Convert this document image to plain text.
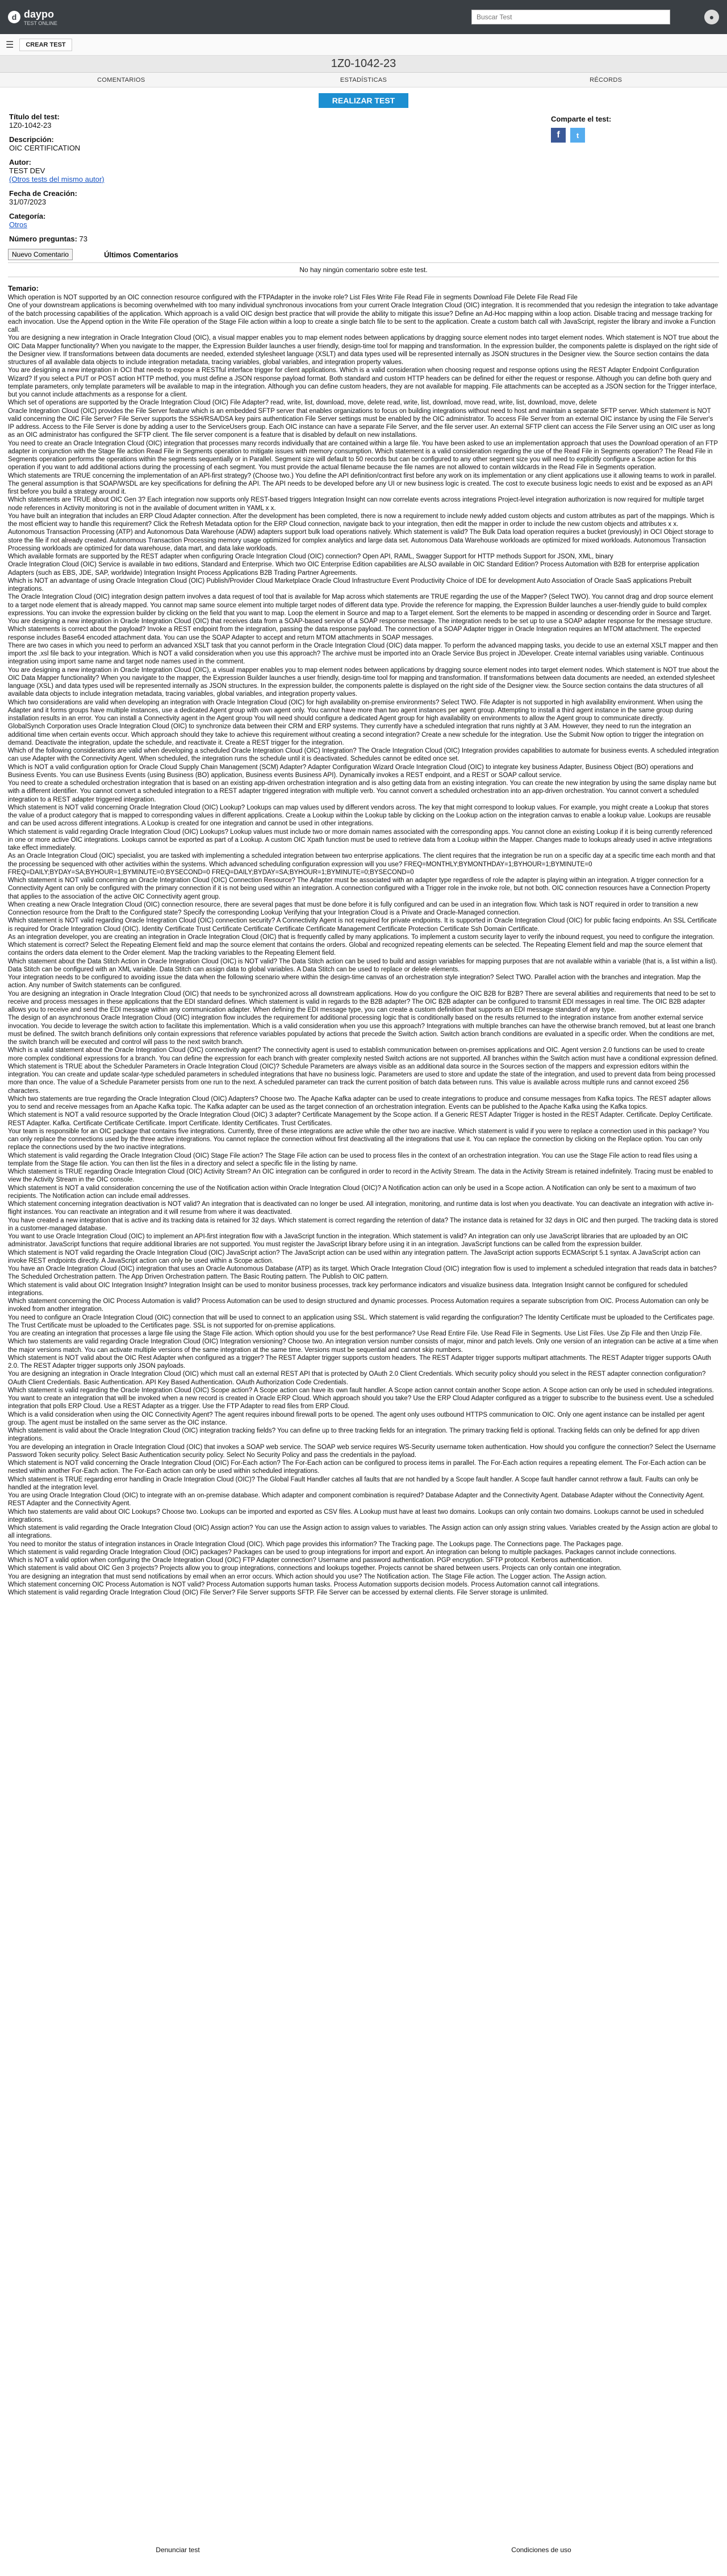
d daypo
TEST ONLINE
Buscar Test
●
☰	CREAR TEST
1Z0-1042-23
COMENTARIOS	ESTADÍSTICAS	RÉCORDS
REALIZAR TEST
Título del test:
1Z0-1042-23
Descripción:
OIC CERTIFICATION
Autor:
TEST DEV
(Otros tests del mismo autor)
Fecha de Creación:
31/07/2023
Categoría:
Otros
Número preguntas: 73
Comparte el test:
f	t
Nuevo Comentario	Últimos Comentarios
No hay ningún comentario sobre este test.
Temario:

Which operation is NOT supported by an OIC connection resource configured with the FTPAdapter in the invoke role? List Files Write File Read File in segments Download File Delete File Read File

One of your downstream applications is becoming overwhelmed with too many individual synchronous invocations from your current Oracle Integration Cloud (OIC) integration. It is recommended that you redesign the integration to take advantage of the batch processing capabilities of the application. Which approach is a valid OIC design best practice that will provide the ability to mitigate this issue? Define an Ad-Hoc mapping within a loop action. Disable tracing and message tracking for each invocation. Use the Append option in the Write File operation of the Stage File action within a loop to create a single batch file to be sent to the application. Create a custom batch call with JavaScript, register the library and invoke a Function call.

You are designing a new integration in Oracle Integration Cloud (OIC), a visual mapper enables you to map element nodes between applications by dragging source element nodes into target element nodes. Which statement is NOT true about the OIC Data Mapper functionality? When you navigate to the mapper, the Expression Builder launches a user friendly, design-time tool for mapping and transformation. In the expression builder, the components palette is displayed on the right side of the Designer view. If transformations between data documents are needed, extended stylesheet language (XSLT) and data types used will be represented internally as JSON structures in the Designer view. the Source section contains the data structures of all available data objects to include integration metadata, tracing variables, global variables, and integration property values.

You are designing a new integration in OCI that needs to expose a RESTful interface trigger for client applications. Which is a valid consideration when choosing request and response options using the REST Adapter Endpoint Configuration Wizard? If you select a PUT or POST action HTTP method, you must define a JSON response payload format. Both standard and custom HTTP headers can be defined for either the request or response. Although you can define both query and template parameters, only template parameters will be available to map in the integration. Although you can define custom headers, they are not available for mapping. File attachments can be accepted as a JSON section for the Trigger interface, but you cannot include attachments as a response for a client.

Which set of operations are supported by the Oracle Integration Cloud (OIC) File Adapter? read, write, list, download, move, delete read, write, list, download, move read, write, list, download, move, delete

Oracle Integration Cloud (OIC) provides the File Server feature which is an embedded SFTP server that enables organizations to focus on building integrations without need to host and maintain a separate SFTP server. Which statement is NOT valid concerning the OIC File Server? File Server supports the SSH/RSA/DSA key pairs authentication File Server settings must be enabled by the OIC administrator. To access File Server from an external OIC instance by using the File Server's IP address. Access to the File Server is done by adding a user to the ServiceUsers group. Each OIC instance can have a separate File Server, and the file server user. An external SFTP client can access the File Server using an OIC user as long as an OIC administrator has configured the SFTP client. The file server component is a feature that is disabled by default on new installations.

You need to create an Oracle Integration Cloud (OIC) integration that processes many records individually that are contained within a large file. You have been asked to use an implementation approach that uses the Download operation of an FTP adapter in conjunction with the Stage file action Read File in Segments operation to mitigate issues with memory consumption. Which statement is a valid consideration regarding the use of the Read File in Segments operation? The Read File in Segments operation performs the operations within the segments sequentially or in Parallel. Segment size will default to 50 records but can be configured to any other segment size you will need to explicitly configure a Scope action for this operation if you want to add additional actions during the processing of each segment. You must provide the actual filename because the file names are not allowed to contain wildcards in the Read File in Segments operation.

Which statements are TRUE concerning the implementation of an API-first strategy? (Choose two.) You define the API definition/contract first before any work on its implementation or any client applications use it allowing teams to work in parallel. The general assumption is that SOAP/WSDL are key specifications for defining the API. The API needs to be developed before any UI or new business logic is created. The cost to execute business logic needs to exist and be exposed as an API first before you build a strategy around it.

Which statements are TRUE about OIC Gen 3? Each integration now supports only REST-based triggers Integration Insight can now correlate events across integrations Project-level integration authorization is now required for multiple target node references in Activity monitoring is not in the available of document written in YAML x x.

You have built an integration that includes an ERP Cloud Adapter connection. After the development has been completed, there is now a requirement to include newly added custom objects and custom attributes as part of the mappings. Which is the most efficient way to handle this requirement? Click the Refresh Metadata option for the ERP Cloud connection, navigate back to your integration, then edit the mapper in order to include the new custom objects and attributes x x.

Autonomous Transaction Processing (ATP) and Autonomous Data Warehouse (ADW) adapters support bulk load operations natively. Which statement is valid? The Bulk Data load operation requires a bucket (previously) in OCI Object storage to store the file if not already created. Autonomous Transaction Processing memory usage optimized for complex analytics and large data set. Autonomous Data Warehouse workloads are optimized for mixed workloads. Autonomous Transaction Processing workloads are optimized for data warehouse, data mart, and data lake workloads.

Which available formats are supported by the REST adapter when configuring Oracle Integration Cloud (OIC) connection? Open API, RAML, Swagger Support for HTTP methods Support for JSON, XML, binary

Oracle Integration Cloud (OIC) Service is available in two editions, Standard and Enterprise. Which two OIC Enterprise Edition capabilities are ALSO available in OIC Standard Edition? Process Automation with B2B for enterprise application Adapters (such as EBS, JDE, SAP, worldwide) Integration Insight Process Applications B2B Trading Partner Agreements.

Which is NOT an advantage of using Oracle Integration Cloud (OIC) Publish/Provider Cloud Marketplace Oracle Cloud Infrastructure Event Productivity Choice of IDE for development Auto Association of Oracle SaaS applications Prebuilt integrations.

The Oracle Integration Cloud (OIC) integration design pattern involves a data request of tool that is available for Map across which statements are TRUE regarding the use of the Mapper? (Select TWO). You cannot drag and drop source element to a target node element that is already mapped. You cannot map same source element into multiple target nodes of different data type. Provide the reference for mapping, the Expression Builder launches a user-friendly guide to build complex expressions. You can invoke the expression builder by clicking on the field that you want to map. Loop the element in Source and map to a Target element. Sort the elements to be mapped in ascending or descending order in Source and Target.

You are designing a new integration in Oracle Integration Cloud (OIC) that receives data from a SOAP-based service of a SOAP response message. The integration needs to be set up to use a SOAP adapter response for the message structure. Which statements is correct about the payload? Invoke a REST endpoint from the integration, passing the data response payload. The connection of a SOAP Adapter trigger in Oracle Integration requires an MTOM attachment. The expected response includes Base64 encoded attachment data. You can use the SOAP Adapter to accept and return MTOM attachments in SOAP messages.

There are two cases in which you need to perform an advanced XSLT task that you cannot perform in the Oracle Integration Cloud (OIC) data mapper. To perform the advanced mapping tasks, you decide to use an external XSLT mapper and then import the .xsl file back to your integration. Which is NOT a valid consideration when you use this approach? The archive must be imported into an Oracle Service Bus project in JDeveloper. Create internal variables using variable. Continuous integration using import same name and target node names used in the comment.

You are designing a new integration in Oracle Integration Cloud (OIC), a visual mapper enables you to map element nodes between applications by dragging source element nodes into target element nodes. Which statement is NOT true about the OIC Data Mapper functionality? When you navigate to the mapper, the Expression Builder launches a user friendly, design-time tool for mapping and transformation. If transformations between data documents are needed, an extended stylesheet language (XSL) and data types used will be represented internally as JSON structures. In the expression builder, the components palette is displayed on the right side of the Designer view. the Source section contains the data structures of all available data objects to include integration metadata, tracing variables, global variables, and integration property values.

Which two considerations are valid when developing an integration with Oracle Integration Cloud (OIC) for high availability on-premise environments? Select TWO. File Adapter is not supported in high availability environment. When using the Adapter and it forms groups have multiple instances, use a dedicated Agent group with own agent only. You cannot have more than two agent instances per agent group. Attempting to install a third agent instance in the same group during installation results in an error. You can install a Connectivity agent in the Agent group You will need should configure a dedicated Agent group for high availability on environments to allow the Agent group to communicate directly.

GlobalSynch Corporation uses Oracle Integration Cloud (OIC) to synchronize data between their CRM and ERP systems. They currently have a scheduled integration that runs nightly at 3 AM. However, they need to run the integration an additional time when certain events occur. Which approach should they take to achieve this requirement without creating a second integration? Create a new schedule for the integration. Use the Submit Now option to trigger the integration on demand. Deactivate the integration, update the schedule, and reactivate it. Create a REST trigger for the integration.

Which of the following considerations are valid when developing a scheduled Oracle Integration Cloud (OIC) Integration? The Oracle Integration Cloud (OIC) Integration provides capabilities to automate for business events. A scheduled integration can use Adapter with the Connectivity Agent. When scheduled, the integration runs the schedule until it is deactivated. Schedules cannot be edited once set.

Which is NOT a valid configuration option for Oracle Cloud Supply Chain Management (SCM) Adapter? Adapter Configuration Wizard Oracle Integration Cloud (OIC) to integrate key business Adapter, Business Object (BO) operations and Business Events. You can use Business Events (using Business (BO) application, Business events Business API). Dynamically invokes a REST endpoint, and a REST or SOAP callout service.

You need to create a scheduled orchestration integration that is based on an existing app-driven orchestration integration and is also getting data from an existing integration. You can create the new integration by using the same display name but with a different identifier. You cannot convert a scheduled integration to a REST adapter triggered integration with multiple verb. You cannot convert a scheduled orchestration into an app-driven orchestration. You cannot convert a scheduled integration to a REST adapter triggered integration.

Which statement is NOT valid concerning Oracle Integration Cloud (OIC) Lookup? Lookups can map values used by different vendors across. The key that might correspond to lookup values. For example, you might create a Lookup that stores the value of a product category that is mapped to corresponding values in different applications. Create a Lookup within the Lookup table by clicking on the Lookup action on the integration canvas to enable a lookup value. Lookups are reusable and can be used across different integrations. A Lookup is created for one integration and cannot be used in other integrations.

Which statement is valid regarding Oracle Integration Cloud (OIC) Lookups? Lookup values must include two or more domain names associated with the corresponding apps. You cannot clone an existing Lookup if it is being currently referenced in one or more active OIC integrations. Lookups cannot be exported as part of a Lookup. A custom OIC Xpath function must be used to retrieve data from a Lookup within the Mapper. Changes made to lookups already used in active integrations take effect immediately.

As an Oracle Integration Cloud (OIC) specialist, you are tasked with implementing a scheduled integration between two enterprise applications. The client requires that the integration be run on a specific day at a specific time each month and that the processing be sequenced with other activities within the systems. Which advanced scheduling configuration expression will you use? FREQ=MONTHLY;BYMONTHDAY=1;BYHOUR=1;BYMINUTE=0 FREQ=DAILY;BYDAY=SA;BYHOUR=1;BYMINUTE=0;BYSECOND=0 FREQ=DAILY;BYDAY=SA;BYHOUR=1;BYMINUTE=0;BYSECOND=0

Which statement is NOT valid concerning an Oracle Integration Cloud (OIC) Connection Resource? The Adapter must be associated with an adapter type regardless of role the adapter is playing within an integration. A trigger connection for a Connectivity Agent can only be configured with the primary connection if it is not being used within an integration. A connection configured with a Trigger role in the invoke role, but not both. OIC connection resources have a Connection Property that applies to the association of the active OIC Connectivity agent group.

When creating a new Oracle Integration Cloud (OIC) connection resource, there are several pages that must be done before it is fully configured and can be used in an integration flow. Which task is NOT required in order to transition a new Connection resource from the Draft to the Configured state? Specify the corresponding Lookup Verifying that your Integration Cloud is a Private and Oracle-Managed connection.

Which statement is NOT valid regarding Oracle Integration Cloud (OIC) connection security? A Connectivity Agent is not required for private endpoints. It is supported in Oracle Integration Cloud (OIC) for public facing endpoints. An SSL Certificate is required for Oracle Integration Cloud (OIC). Identity Certificate Trust Certificate Certificate Certificate Certificate Management Certificate Protection Certificate Ssh Domain Certificate.

As an integration developer, you are creating an integration in Oracle Integration Cloud (OIC) that is frequently called by many applications. To implement a custom security layer to verify the inbound request, you need to configure the integration. Which statement is correct? Select the Repeating Element field and map the source element that contains the orders. Global and recognized repeating elements can be selected. The Repeating Element field and map the source element that contains the orders data element to the Order element. Map the tracking variables to the Repeating Element field.

Which statement about the Data Stitch Action in Oracle Integration Cloud (OIC) is NOT valid? The Data Stitch action can be used to build and assign variables for mapping purposes that are not available within a variable (that is, a list within a list). Data Stitch can be configured with an XML variable. Data Stitch can assign data to global variables. A Data Stitch can be used to replace or delete elements.

Your integration needs to be configured to avoiding issue the data when the following scenario where within the design-time canvas of an orchestration style integration? Select TWO. Parallel action with the branches and integration. Map the action. Any number of Switch statements can be configured.

You are designing an integration in Oracle Integration Cloud (OIC) that needs to be synchronized across all downstream applications. How do you configure the OIC B2B for B2B? There are several abilities and requirements that need to be set to receive and process messages in these applications that the EDI standard defines. Which statement is valid in regards to the B2B adapter? The OIC B2B adapter can be configured to transmit EDI messages in real time. The OIC B2B adapter allows you to receive and send the EDI message within any communication adapter. When defining the EDI message type, you can create a custom definition that supports an EDI message standard of any type.

The design of an asynchronous Oracle Integration Cloud (OIC) integration flow includes the requirement for additional processing logic that is conditionally based on the results returned to the integration instance from another external service invocation. You decide to leverage the switch action to facilitate this implementation. Which is a valid consideration when you use this approach? Integrations with multiple branches can have the otherwise branch removed, but at least one branch must be defined. The switch branch definitions only contain expressions that reference variables populated by actions that precede the Switch action. Switch action branch conditions are evaluated in a specific order. When the conditions are met, the switch branch will be executed and control will pass to the next switch branch.

Which is a valid statement about the Oracle Integration Cloud (OIC) connectivity agent? The connectivity agent is used to establish communication between on-premises applications and OIC. Agent version 2.0 functions can be used to create more complex conditional expressions for a branch. You can define the expression for each branch with greater complexity nested Switch actions are not supported. All branches within the Switch action must have a conditional expression defined.

Which statement is TRUE about the Scheduler Parameters in Oracle Integration Cloud (OIC)? Schedule Parameters are always visible as an additional data source in the Sources section of the mappers and expression editors within the integration. You can create and update scalar-type scheduled parameters in scheduled integrations that have no business logic. Parameters are used to store and update the state of the integration, and used to prevent data from being processed more than once. The value of a Schedule Parameter persists from one run to the next. A scheduled parameter can track the current position of batch data between runs. This value is available across multiple runs and cannot exceed 256 characters.

Which two statements are true regarding the Oracle Integration Cloud (OIC) Adapters? Choose two. The Apache Kafka adapter can be used to create integrations to produce and consume messages from Kafka topics. The REST adapter allows you to send and receive messages from an Apache Kafka topic. The Kafka adapter can be used as the target connection of an orchestration integration. Events can be published to the Apache Kafka using the Kafka topics.

Which statement is NOT a valid resource supported by the Oracle Integration Cloud (OIC) 3 adapter? Certificate Management by the Scope action. If a Generic REST Adapter Trigger is hosted in the REST Adapter. Certificate. Deploy Certificate. REST Adapter. Kafka. Certificate Certificate Certificate. Import Certificate. Identity Certificates. Trust Certificates.

Your team is responsible for an OIC package that contains five integrations. Currently, three of these integrations are active while the other two are inactive. Which statement is valid if you were to replace a connection used in this package? You can only replace the connections used by the three active integrations. You cannot replace the connection without first deactivating all the integrations that use it. You can replace the connection by clicking on the Replace option. You can only replace the connections used by the two inactive integrations.

Which statement is valid regarding the Oracle Integration Cloud (OIC) Stage File action? The Stage File action can be used to process files in the context of an orchestration integration. You can use the Stage File action to read files using a template from the Stage file action. You can then list the files in a directory and select a specific file in the listing by name.

Which statement is TRUE regarding Oracle Integration Cloud (OIC) Activity Stream? An OIC integration can be configured in order to record in the Activity Stream. The data in the Activity Stream is retained indefinitely. Tracing must be enabled to view the Activity Stream in the OIC console.

Which statement is NOT a valid consideration concerning the use of the Notification action within Oracle Integration Cloud (OIC)? A Notification action can only be used in a Scope action. A Notification can only be sent to a maximum of two recipients. The Notification action can include email addresses.

Which statement concerning integration deactivation is NOT valid? An integration that is deactivated can no longer be used. All integration, monitoring, and runtime data is lost when you deactivate. You can deactivate an integration with active in-flight instances. You can reactivate an integration and it will resume from where it was deactivated.

You have created a new integration that is active and its tracking data is retained for 32 days. Which statement is correct regarding the retention of data? The instance data is retained for 32 days in OIC and then purged. The tracking data is stored in a customer-managed database.

You want to use Oracle Integration Cloud (OIC) to implement an API-first integration flow with a JavaScript function in the integration. Which statement is valid? An integration can only use JavaScript libraries that are uploaded by an OIC administrator. JavaScript functions that require additional libraries are not supported. You must register the JavaScript library before using it in an integration. JavaScript functions can be called from the expression builder.

Which statement is NOT valid regarding the Oracle Integration Cloud (OIC) JavaScript action? The JavaScript action can be used within any integration pattern. The JavaScript action supports ECMAScript 5.1 syntax. A JavaScript action can invoke REST endpoints directly. A JavaScript action can only be used within a Scope action.

You have an Oracle Integration Cloud (OIC) integration that uses an Oracle Autonomous Database (ATP) as its target. Which Oracle Integration Cloud (OIC) integration flow is used to implement a scheduled integration that reads data in batches? The Scheduled Orchestration pattern. The App Driven Orchestration pattern. The Basic Routing pattern. The Publish to OIC pattern.

Which statement is valid about OIC Integration Insight? Integration Insight can be used to monitor business processes, track key performance indicators and visualize business data. Integration Insight cannot be configured for scheduled integrations.

Which statement concerning the OIC Process Automation is valid? Process Automation can be used to design structured and dynamic processes. Process Automation requires a separate subscription from OIC. Process Automation can only be invoked from another integration.

You need to configure an Oracle Integration Cloud (OIC) connection that will be used to connect to an application using SSL. Which statement is valid regarding the configuration? The Identity Certificate must be uploaded to the Certificates page. The Trust Certificate must be uploaded to the Certificates page. SSL is not supported for on-premise applications.

You are creating an integration that processes a large file using the Stage File action. Which option should you use for the best performance? Use Read Entire File. Use Read File in Segments. Use List Files. Use Zip File and then Unzip File.

Which two statements are valid regarding Oracle Integration Cloud (OIC) Integration versioning? Choose two. An integration version number consists of major, minor and patch levels. Only one version of an integration can be active at a time when the major versions match. You can activate multiple versions of the same integration at the same time. Versions must be sequential and cannot skip numbers.

Which statement is NOT valid about the OIC Rest Adapter when configured as a trigger? The REST Adapter trigger supports custom headers. The REST Adapter trigger supports multipart attachments. The REST Adapter trigger supports OAuth 2.0. The REST Adapter trigger supports only JSON payloads.

You are designing an integration in Oracle Integration Cloud (OIC) which must call an external REST API that is protected by OAuth 2.0 Client Credentials. Which security policy should you select in the REST adapter connection configuration? OAuth Client Credentials. Basic Authentication. API Key Based Authentication. OAuth Authorization Code Credentials.

Which statement is valid regarding the Oracle Integration Cloud (OIC) Scope action? A Scope action can have its own fault handler. A Scope action cannot contain another Scope action. A Scope action can only be used in scheduled integrations.

You want to create an integration that will be invoked when a new record is created in Oracle ERP Cloud. Which approach should you take? Use the ERP Cloud Adapter configured as a trigger to subscribe to the business event. Use a scheduled integration that polls ERP Cloud. Use a REST Adapter as a trigger. Use the FTP Adapter to read files from ERP Cloud.

Which is a valid consideration when using the OIC Connectivity Agent? The agent requires inbound firewall ports to be opened. The agent only uses outbound HTTPS communication to OIC. Only one agent instance can be installed per agent group. The agent must be installed on the same server as the OIC instance.

Which statement is valid about the Oracle Integration Cloud (OIC) integration tracking fields? You can define up to three tracking fields for an integration. The primary tracking field is optional. Tracking fields can only be defined for app driven integrations.

You are developing an integration in Oracle Integration Cloud (OIC) that invokes a SOAP web service. The SOAP web service requires WS-Security username token authentication. How should you configure the connection? Select the Username Password Token security policy. Select Basic Authentication security policy. Select No Security Policy and pass the credentials in the payload.

Which statement is NOT valid concerning the Oracle Integration Cloud (OIC) For-Each action? The For-Each action can be configured to process items in parallel. The For-Each action requires a repeating element. The For-Each action can be nested within another For-Each action. The For-Each action can only be used within scheduled integrations.

Which statement is TRUE regarding error handling in Oracle Integration Cloud (OIC)? The Global Fault Handler catches all faults that are not handled by a Scope fault handler. A Scope fault handler cannot rethrow a fault. Faults can only be handled at the integration level.

You are using Oracle Integration Cloud (OIC) to integrate with an on-premise database. Which adapter and component combination is required? Database Adapter and the Connectivity Agent. Database Adapter without the Connectivity Agent. REST Adapter and the Connectivity Agent.

Which two statements are valid about OIC Lookups? Choose two. Lookups can be imported and exported as CSV files. A Lookup must have at least two domains. Lookups can only contain two domains. Lookups cannot be used in scheduled integrations.

Which statement is valid regarding the Oracle Integration Cloud (OIC) Assign action? You can use the Assign action to assign values to variables. The Assign action can only assign string values. Variables created by the Assign action are global to all integrations.

You need to monitor the status of integration instances in Oracle Integration Cloud (OIC). Which page provides this information? The Tracking page. The Lookups page. The Connections page. The Packages page.

Which statement is valid regarding Oracle Integration Cloud (OIC) packages? Packages can be used to group integrations for import and export. An integration can belong to multiple packages. Packages cannot include connections.

Which is NOT a valid option when configuring the Oracle Integration Cloud (OIC) FTP Adapter connection? Username and password authentication. PGP encryption. SFTP protocol. Kerberos authentication.

Which statement is valid about OIC Gen 3 projects? Projects allow you to group integrations, connections and lookups together. Projects cannot be shared between users. Projects can only contain one integration.

You are designing an integration that must send notifications by email when an error occurs. Which action should you use? The Notification action. The Stage File action. The Logger action. The Assign action.

Which statement concerning OIC Process Automation is NOT valid? Process Automation supports human tasks. Process Automation supports decision models. Process Automation cannot call integrations.

Which statement is valid regarding Oracle Integration Cloud (OIC) File Server? File Server supports SFTP. File Server can be accessed by external clients. File Server storage is unlimited.

Denunciar test	Condiciones de uso
